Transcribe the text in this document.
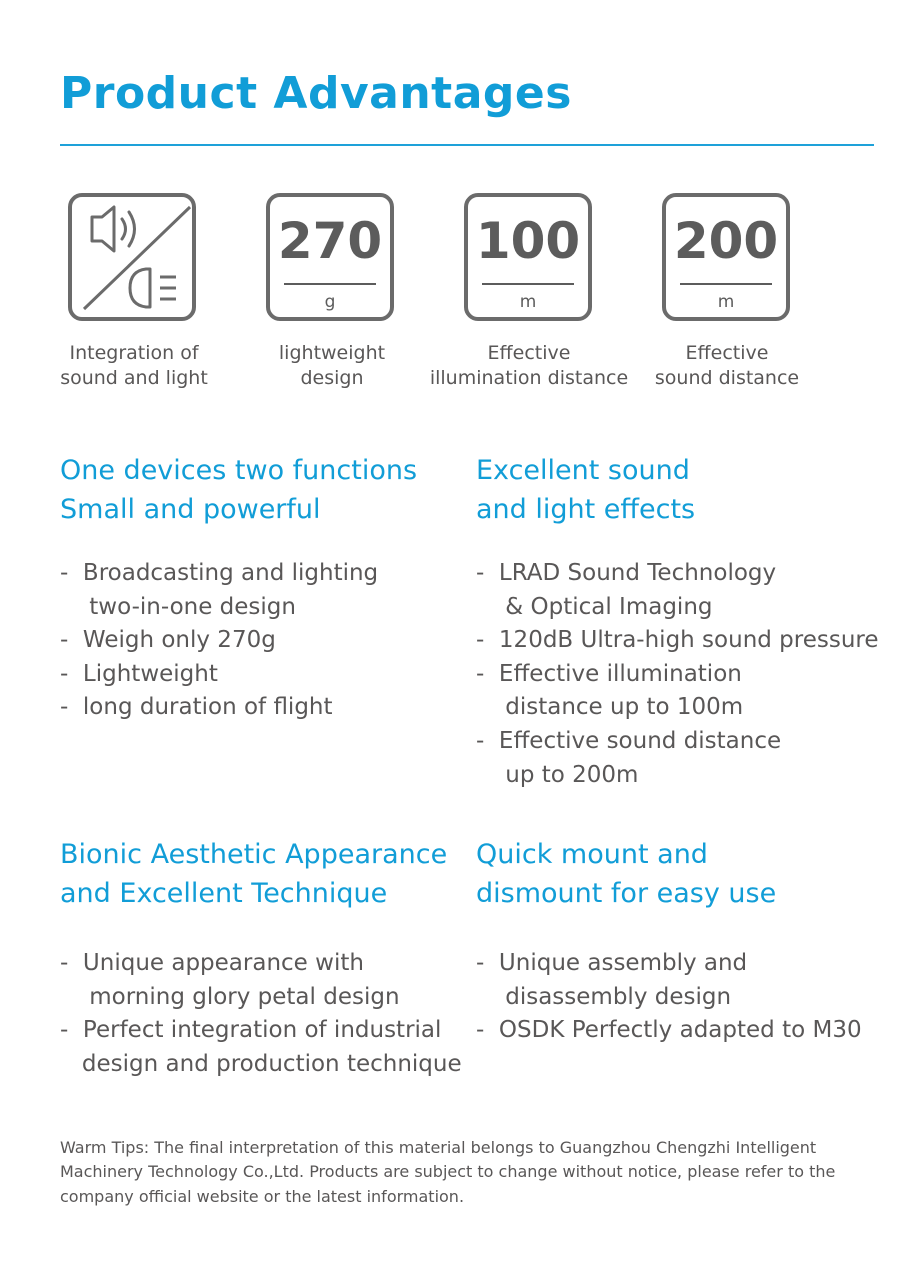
Product Advantages
270
g
100
m
200
m
Integration of
sound and light
lightweight
design
Effective
illumination distance
Effective
sound distance
One devices two functions
Small and powerful
-  Broadcasting and lighting
two-in-one design
-  Weigh only 270g
-  Lightweight
-  long duration of flight
Excellent sound
and light effects
-  LRAD Sound Technology
& Optical Imaging
-  120dB Ultra-high sound pressure
-  Effective illumination
distance up to 100m
-  Effective sound distance
up to 200m
Bionic Aesthetic Appearance
and Excellent Technique
-  Unique appearance with
morning glory petal design
-  Perfect integration of industrial
design and production technique
Quick mount and
dismount for easy use
-  Unique assembly and
disassembly design
-  OSDK Perfectly adapted to M30

Warm Tips: The final interpretation of this material belongs to Guangzhou Chengzhi Intelligent Machinery Technology Co.,Ltd. Products are subject to change without notice, please refer to the company official website or the latest information.
